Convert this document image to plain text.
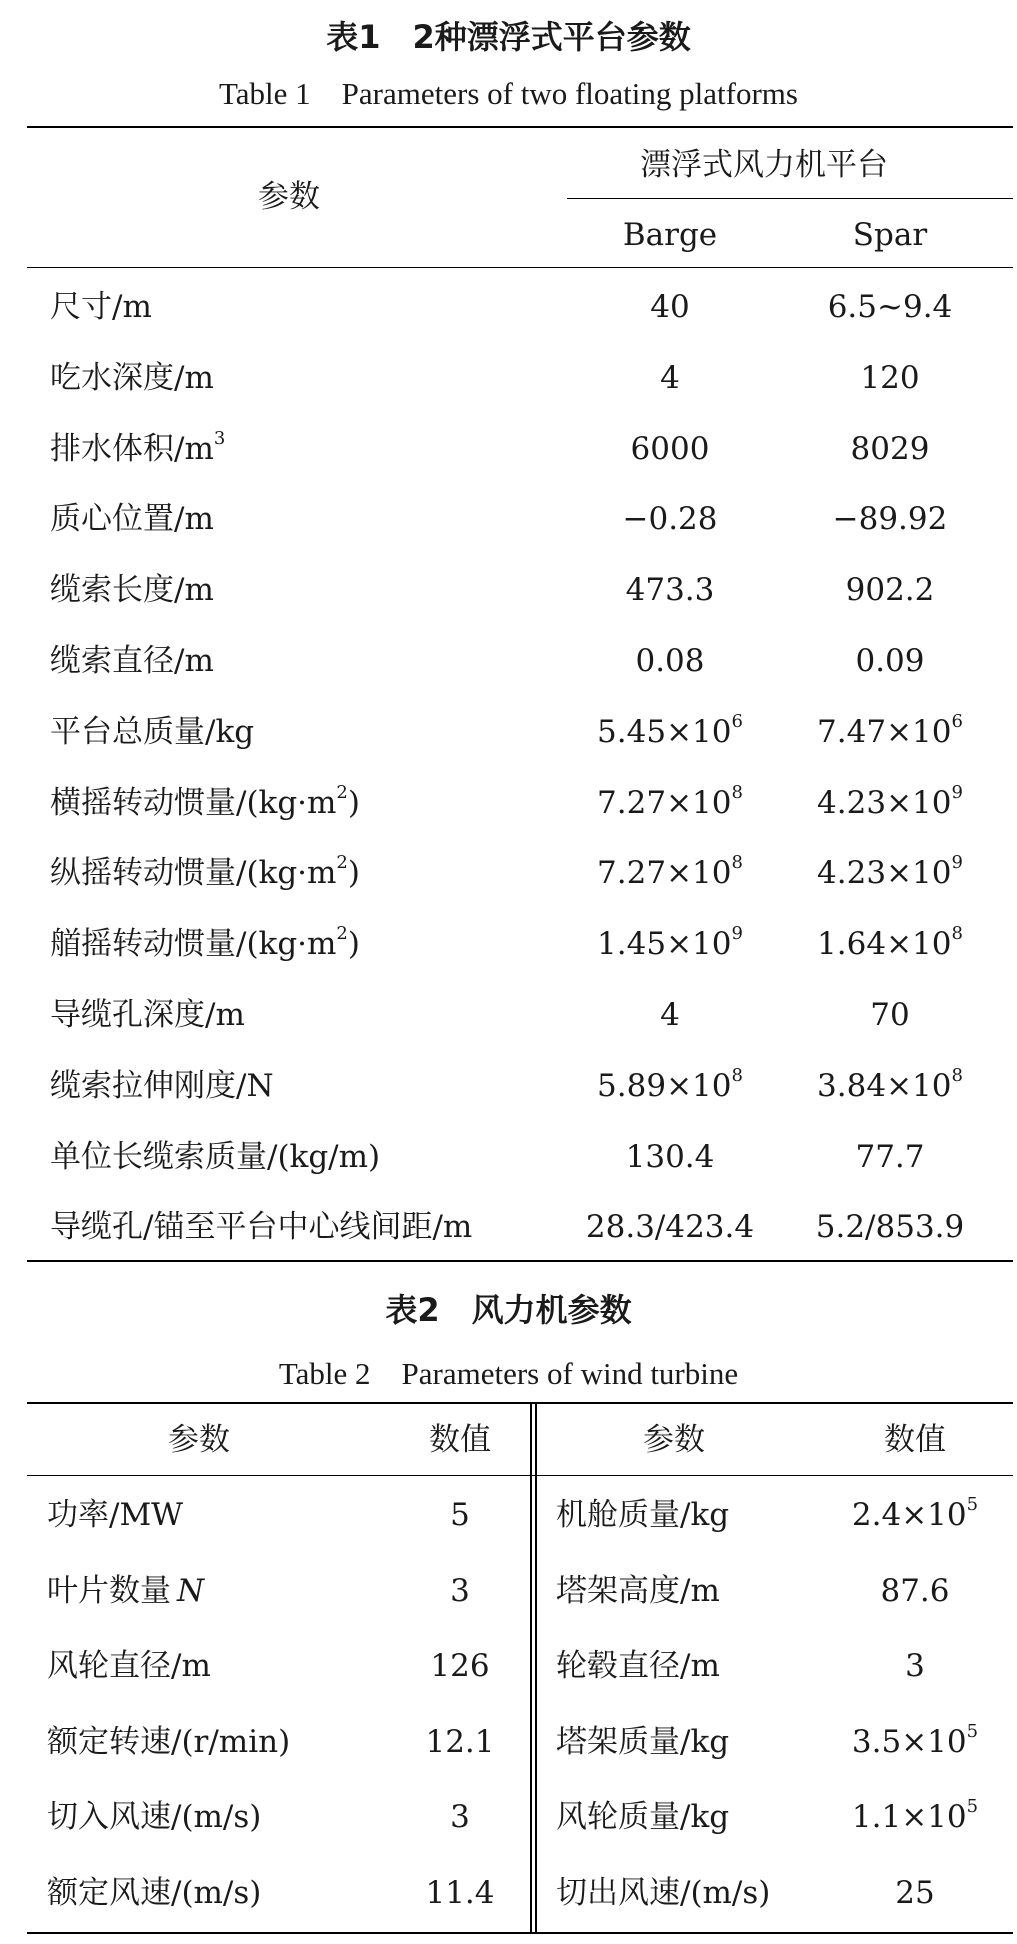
表1　2种漂浮式平台参数
Table 1　Parameters of two floating platforms
参数
漂浮式风力机平台
Barge	Spar
尺寸/m	40	6.5~9.4
吃水深度/m	4	120
排水体积$/m^3$	6000	8029
质心位置/m	−0.28	−89.92
缆索长度/m	473.3	902.2
缆索直径/m	0.08	0.09
平台总质量/kg	$5.45\times 10^6$	$7.47\times 10^6$
横摇转动惯量$/(kg\cdot m^2)$	$7.27\times 10^8$	$4.23\times 10^9$
纵摇转动惯量$/(kg\cdot m^2)$	$7.27\times 10^8$	$4.23\times 10^9$
艏摇转动惯量$/(kg\cdot m^2)$	$1.45\times 10^9$	$1.64\times 10^8$
导缆孔深度/m	4	70
缆索拉伸刚度/N	$5.89\times 10^8$	$3.84\times 10^8$
单位长缆索质量/(kg/m)	130.4	77.7
导缆孔/锚至平台中心线间距/m	28.3/423.4	5.2/853.9
表2　风力机参数
Table 2　Parameters of wind turbine
参数	数值	参数	数值
功率/MW	5	机舱质量/kg	$2.4\times 10^5$
叶片数量 N	3	塔架高度/m	87.6
风轮直径/m	126	轮毂直径/m	3
额定转速/(r/min)	12.1	塔架质量/kg	$3.5\times 10^5$
切入风速/(m/s)	3	风轮质量/kg	$1.1\times 10^5$
额定风速/(m/s)	11.4	切出风速/(m/s)	25
